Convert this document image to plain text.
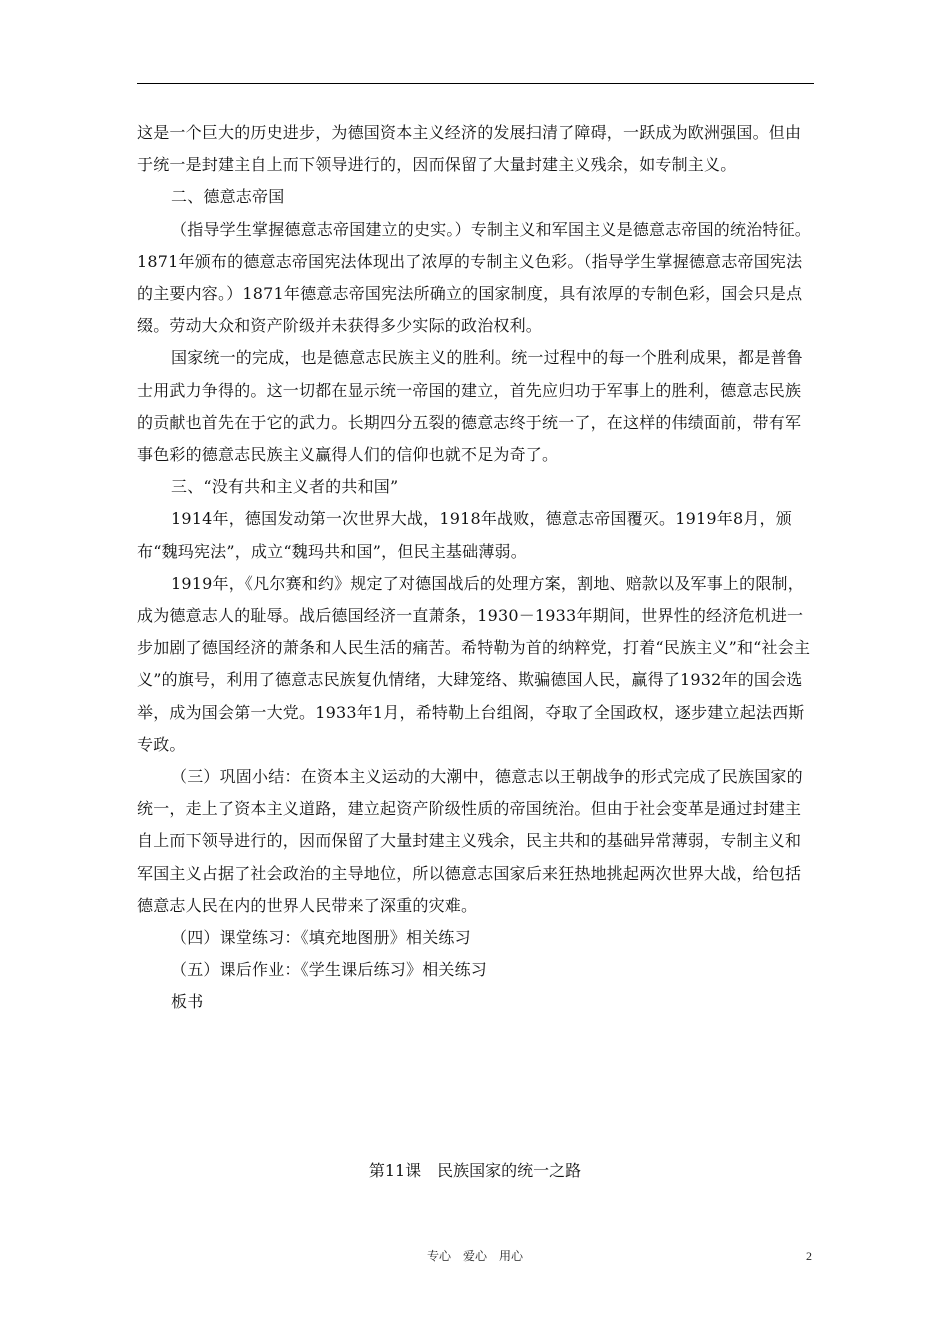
这是一个巨大的历史进步，为德国资本主义经济的发展扫清了障碍，一跃成为欧洲强国。但由于统一是封建主自上而下领导进行的，因而保留了大量封建主义残余，如专制主义。

二、德意志帝国

（指导学生掌握德意志帝国建立的史实。）专制主义和军国主义是德意志帝国的统治特征。1871年颁布的德意志帝国宪法体现出了浓厚的专制主义色彩。（指导学生掌握德意志帝国宪法的主要内容。）1871年德意志帝国宪法所确立的国家制度，具有浓厚的专制色彩，国会只是点缀。劳动大众和资产阶级并未获得多少实际的政治权利。

国家统一的完成，也是德意志民族主义的胜利。统一过程中的每一个胜利成果，都是普鲁士用武力争得的。这一切都在显示统一帝国的建立，首先应归功于军事上的胜利，德意志民族的贡献也首先在于它的武力。长期四分五裂的德意志终于统一了，在这样的伟绩面前，带有军事色彩的德意志民族主义赢得人们的信仰也就不足为奇了。

三、“没有共和主义者的共和国”

1914年，德国发动第一次世界大战，1918年战败，德意志帝国覆灭。1919年8月，颁布“魏玛宪法”，成立“魏玛共和国”，但民主基础薄弱。

1919年，《凡尔赛和约》规定了对德国战后的处理方案，割地、赔款以及军事上的限制，成为德意志人的耻辱。战后德国经济一直萧条，1930－1933年期间，世界性的经济危机进一步加剧了德国经济的萧条和人民生活的痛苦。希特勒为首的纳粹党，打着“民族主义”和“社会主义”的旗号，利用了德意志民族复仇情绪，大肆笼络、欺骗德国人民，赢得了1932年的国会选举，成为国会第一大党。1933年1月，希特勒上台组阁，夺取了全国政权，逐步建立起法西斯专政。

（三）巩固小结：在资本主义运动的大潮中，德意志以王朝战争的形式完成了民族国家的统一，走上了资本主义道路，建立起资产阶级性质的帝国统治。但由于社会变革是通过封建主自上而下领导进行的，因而保留了大量封建主义残余，民主共和的基础异常薄弱，专制主义和军国主义占据了社会政治的主导地位，所以德意志国家后来狂热地挑起两次世界大战，给包括德意志人民在内的世界人民带来了深重的灾难。

（四）课堂练习：《填充地图册》相关练习

（五）课后作业：《学生课后练习》相关练习

板书

第11课　民族国家的统一之路
专心　爱心　用心	2
